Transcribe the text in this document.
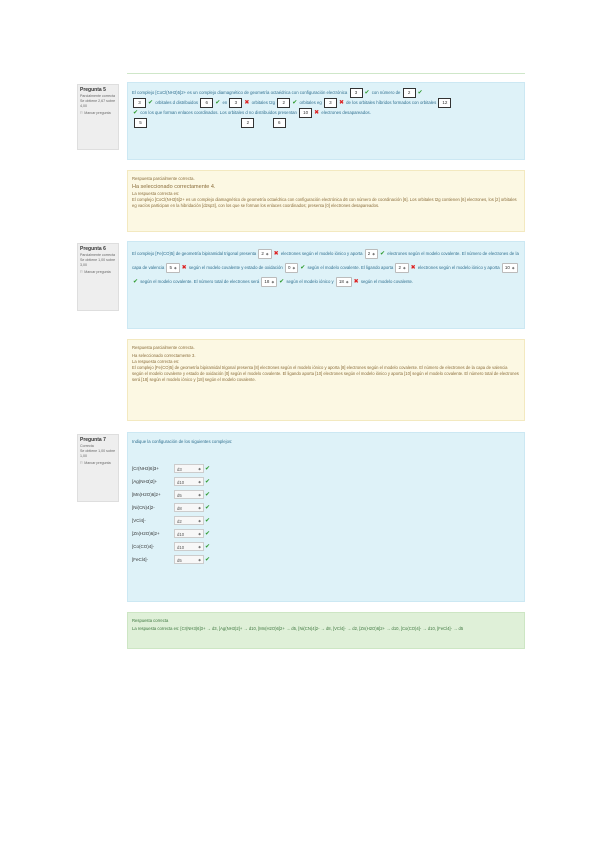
Pregunta 5
Parcialmente correcta
Se obtiene 2,67 sobre 4,00
⚐ Marcar pregunta
El complejo [CoCl(NH3)5]2+ es un complejo diamagnético de geometría octaédrica con configuración electrónica 3 ✔ con número de 2 ✔
3 ✔ orbitales d distribuidos 6 ✔ en 3 ✖ orbitales t2g 2 ✔ orbitales eg 3 ✖ de los orbitales híbridos formados con orbitales 12
✔ con los que forman enlaces coordinados. Los orbitales d no distribuidos presentan 10 ✖ electrones desapareados.
5	2	6
Respuesta parcialmente correcta.
Ha seleccionado correctamente 4.
La respuesta correcta es:
El complejo [CoCl(NH3)5]2+ es un complejo diamagnético de geometría octaédrica con configuración electrónica d6 con número de coordinación [6]. Los orbitales t2g contienen [6] electrones, los [2] orbitales eg vacíos participan en la hibridación [d2sp3], con los que se forman los enlaces coordinados; presenta [0] electrones desapareados.
Pregunta 6
Parcialmente correcta
Se obtiene 1,00 sobre 3,00
⚐ Marcar pregunta
El complejo [Fe(CO)5] de geometría bipiramidal trigonal presenta 2 ◆ ✖ electrones según el modelo iónico y aporta 2 ◆ ✔ electrones según el modelo covalente. El número de electrones de la capa de valencia 5 ◆ ✖ según el modelo covalente y estado de oxidación 0 ◆ ✔ según el modelo covalente. El ligando aporta 2 ◆ ✖ electrones según el modelo iónico y aporta 10 ◆✔ según el modelo covalente. El número total de electrones será 18 ◆ ✔ según el modelo iónico y 18 ◆ ✖ según el modelo covalente.
Respuesta parcialmente correcta.
Ha seleccionado correctamente 3.
La respuesta correcta es:
El complejo [Fe(CO)5] de geometría bipiramidal trigonal presenta [8] electrones según el modelo iónico y aporta [8] electrones según el modelo covalente. El número de electrones de la capa de valencia según el modelo covalente y estado de oxidación [0] según el modelo covalente. El ligando aporta [10] electrones según el modelo iónico y aporta [10] según el modelo covalente. El número total de electrones será [18] según el modelo iónico y [18] según el modelo covalente.
Pregunta 7
Correcta
Se obtiene 1,00 sobre 1,00
⚐ Marcar pregunta
Indique la configuración de los siguientes complejos:
[Cr(NH3)6]3+	d3	◆ ✔
[Ag(NH3)2]+	d10	◆ ✔
[Mn(H2O)6]2+	d5	◆ ✔
[Ni(CN)4]2-	d8	◆ ✔
[VCl4]-	d2	◆ ✔
[Zn(H2O)6]2+	d10	◆ ✔
[Co(CO)4]-	d10	◆ ✔
[FeCl4]-	d5	◆ ✔
Respuesta correcta
La respuesta correcta es: [Cr(NH3)6]3+ → d3, [Ag(NH3)2]+ → d10, [Mn(H2O)6]2+ → d5, [Ni(CN)4]2- → d8, [VCl4]- → d2, [Zn(H2O)6]2+ → d10, [Co(CO)4]- → d10, [FeCl4]- → d5
